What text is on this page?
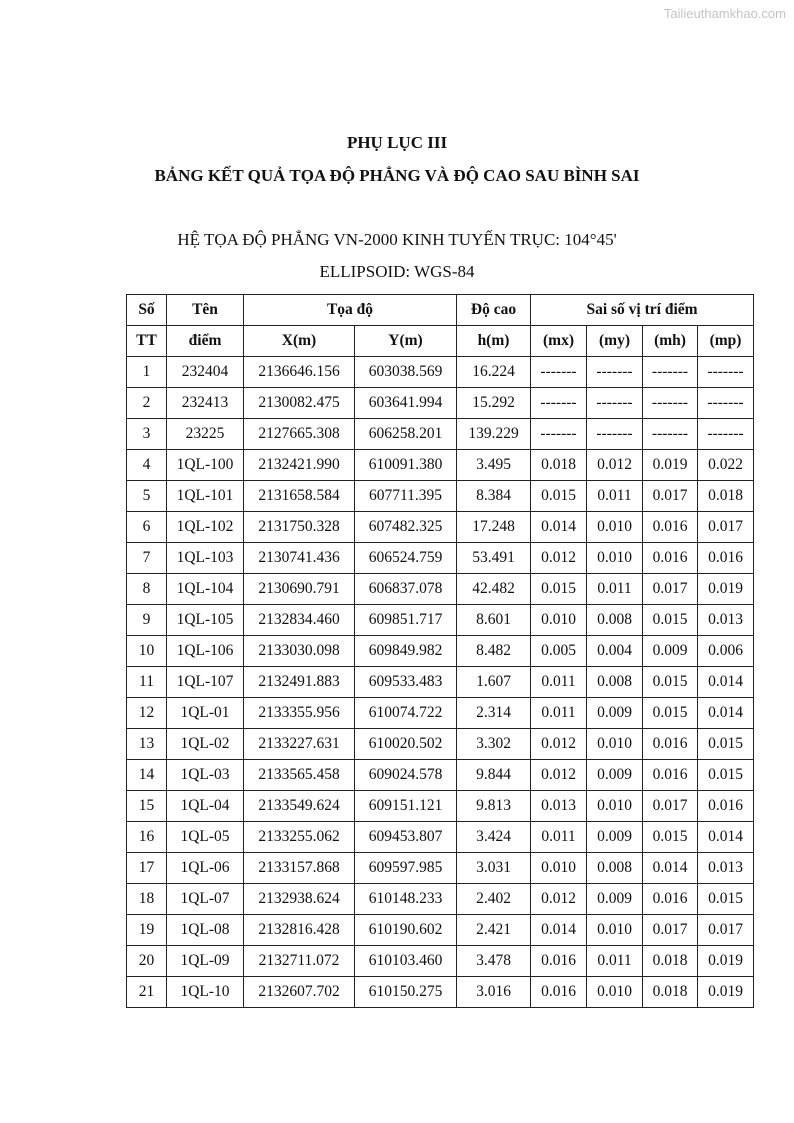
Tailieuthamkhao.com
PHỤ LỤC III
BẢNG KẾT QUẢ TỌA ĐỘ PHẲNG VÀ ĐỘ CAO SAU BÌNH SAI
HỆ TỌA ĐỘ PHẲNG VN-2000 KINH TUYẾN TRỤC: 104°45'
ELLIPSOID: WGS-84
Số	Tên	Tọa độ		Độ cao	Sai số vị trí điểm			
TT	điểm	X(m)	Y(m)	h(m)	(mx)	(my)	(mh)	(mp)
1	232404	2136646.156	603038.569	16.224	-------	-------	-------	-------
2	232413	2130082.475	603641.994	15.292	-------	-------	-------	-------
3	23225	2127665.308	606258.201	139.229	-------	-------	-------	-------
4	1QL-100	2132421.990	610091.380	3.495	0.018	0.012	0.019	0.022
5	1QL-101	2131658.584	607711.395	8.384	0.015	0.011	0.017	0.018
6	1QL-102	2131750.328	607482.325	17.248	0.014	0.010	0.016	0.017
7	1QL-103	2130741.436	606524.759	53.491	0.012	0.010	0.016	0.016
8	1QL-104	2130690.791	606837.078	42.482	0.015	0.011	0.017	0.019
9	1QL-105	2132834.460	609851.717	8.601	0.010	0.008	0.015	0.013
10	1QL-106	2133030.098	609849.982	8.482	0.005	0.004	0.009	0.006
11	1QL-107	2132491.883	609533.483	1.607	0.011	0.008	0.015	0.014
12	1QL-01	2133355.956	610074.722	2.314	0.011	0.009	0.015	0.014
13	1QL-02	2133227.631	610020.502	3.302	0.012	0.010	0.016	0.015
14	1QL-03	2133565.458	609024.578	9.844	0.012	0.009	0.016	0.015
15	1QL-04	2133549.624	609151.121	9.813	0.013	0.010	0.017	0.016
16	1QL-05	2133255.062	609453.807	3.424	0.011	0.009	0.015	0.014
17	1QL-06	2133157.868	609597.985	3.031	0.010	0.008	0.014	0.013
18	1QL-07	2132938.624	610148.233	2.402	0.012	0.009	0.016	0.015
19	1QL-08	2132816.428	610190.602	2.421	0.014	0.010	0.017	0.017
20	1QL-09	2132711.072	610103.460	3.478	0.016	0.011	0.018	0.019
21	1QL-10	2132607.702	610150.275	3.016	0.016	0.010	0.018	0.019
